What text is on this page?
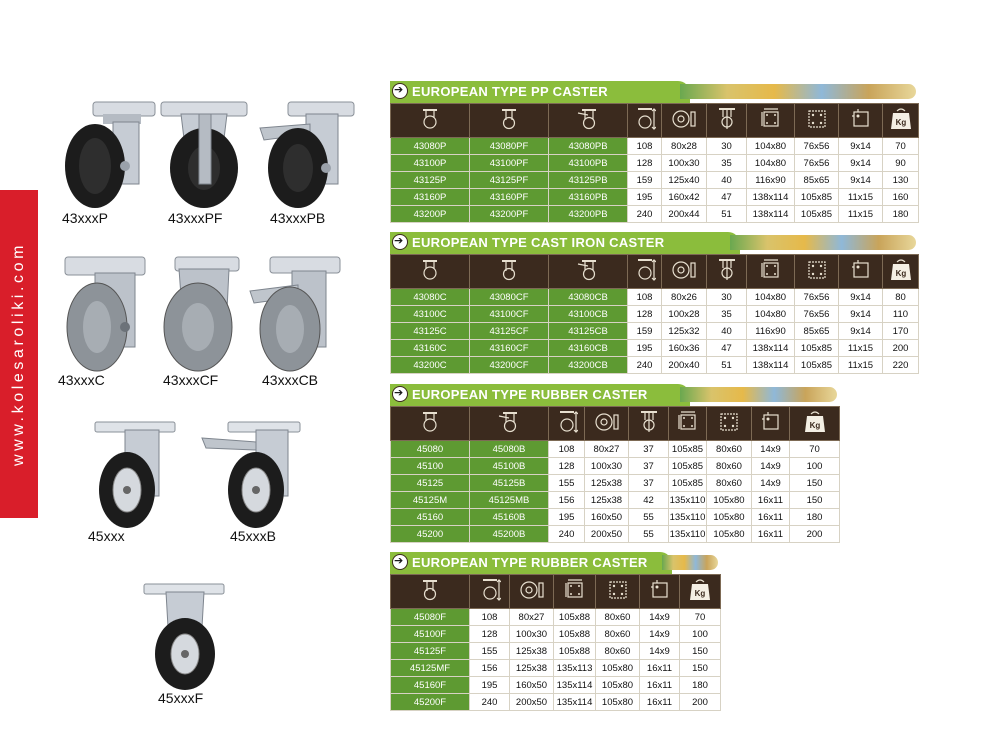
www.kolesaroliki.com
43xxxP	43xxxPF	43xxxPB
43xxxC	43xxxCF	43xxxCB
45xxx	45xxxB
45xxxF
➔
EUROPEAN TYPE PP CASTER

Kg

43080P	43080PF	43080PB	108	80x28	30	104x80	76x56	9x14	70
43100P	43100PF	43100PB	128	100x30	35	104x80	76x56	9x14	90
43125P	43125PF	43125PB	159	125x40	40	116x90	85x65	9x14	130
43160P	43160PF	43160PB	195	160x42	47	138x114	105x85	11x15	160
43200P	43200PF	43200PB	240	200x44	51	138x114	105x85	11x15	180
➔
EUROPEAN TYPE CAST IRON CASTER

Kg

43080C	43080CF	43080CB	108	80x26	30	104x80	76x56	9x14	80
43100C	43100CF	43100CB	128	100x28	35	104x80	76x56	9x14	110
43125C	43125CF	43125CB	159	125x32	40	116x90	85x65	9x14	170
43160C	43160CF	43160CB	195	160x36	47	138x114	105x85	11x15	200
43200C	43200CF	43200CB	240	200x40	51	138x114	105x85	11x15	220
➔
EUROPEAN TYPE RUBBER CASTER

Kg

45080	45080B	108	80x27	37	105x85	80x60	14x9	70
45100	45100B	128	100x30	37	105x85	80x60	14x9	100
45125	45125B	155	125x38	37	105x85	80x60	14x9	150
45125M	45125MB	156	125x38	42	135x110	105x80	16x11	150
45160	45160B	195	160x50	55	135x110	105x80	16x11	180
45200	45200B	240	200x50	55	135x110	105x80	16x11	200
➔
EUROPEAN TYPE RUBBER CASTER

Kg

45080F	108	80x27	105x88	80x60	14x9	70
45100F	128	100x30	105x88	80x60	14x9	100
45125F	155	125x38	105x88	80x60	14x9	150
45125MF	156	125x38	135x113	105x80	16x11	150
45160F	195	160x50	135x114	105x80	16x11	180
45200F	240	200x50	135x114	105x80	16x11	200
